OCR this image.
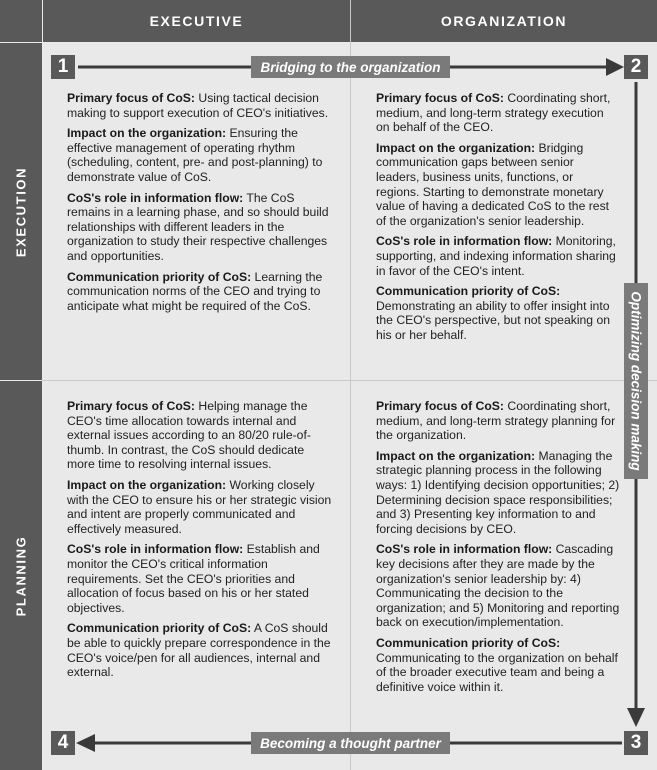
EXECUTIVE	ORGANIZATION
EXECUTION
PLANNING
Bridging to the organization
Optimizing decision making
Becoming a thought partner
1	2
3
4

Primary focus of CoS: Using tactical decision making to support execution of CEO's initiatives.

Impact on the organization: Ensuring the effective management of operating rhythm (scheduling, content, pre- and post-planning) to demonstrate value of CoS.

CoS's role in information flow: The CoS remains in a learning phase, and so should build relationships with different leaders in the organization to study their respective challenges and opportunities.

Communication priority of CoS: Learning the communication norms of the CEO and trying to anticipate what might be required of the CoS.

Primary focus of CoS: Coordinating short, medium, and long-term strategy execution on behalf of the CEO.

Impact on the organization: Bridging communication gaps between senior leaders, business units, functions, or regions. Starting to demonstrate monetary value of having a dedicated CoS to the rest of the organization's senior leadership.

CoS's role in information flow: Monitoring, supporting, and indexing information sharing in favor of the CEO's intent.

Communication priority of CoS: Demonstrating an ability to offer insight into the CEO's perspective, but not speaking on his or her behalf.

Primary focus of CoS: Helping manage the CEO's time allocation towards internal and external issues according to an 80/20 rule-of-thumb. In contrast, the CoS should dedicate more time to resolving internal issues.

Impact on the organization: Working closely with the CEO to ensure his or her strategic vision and intent are properly communicated and effectively measured.

CoS's role in information flow: Establish and monitor the CEO's critical information requirements. Set the CEO's priorities and allocation of focus based on his or her stated objectives.

Communication priority of CoS: A CoS should be able to quickly prepare correspondence in the CEO's voice/pen for all audiences, internal and external.

Primary focus of CoS: Coordinating short, medium, and long-term strategy planning for the organization.

Impact on the organization: Managing the strategic planning process in the following ways: 1) Identifying decision opportunities; 2) Determining decision space responsibilities; and 3) Presenting key information to and forcing decisions by CEO.

CoS's role in information flow: Cascading key decisions after they are made by the organization's senior leadership by: 4) Communicating the decision to the organization; and 5) Monitoring and reporting back on execution/implementation.

Communication priority of CoS: Communicating to the organization on behalf of the broader executive team and being a definitive voice within it.
